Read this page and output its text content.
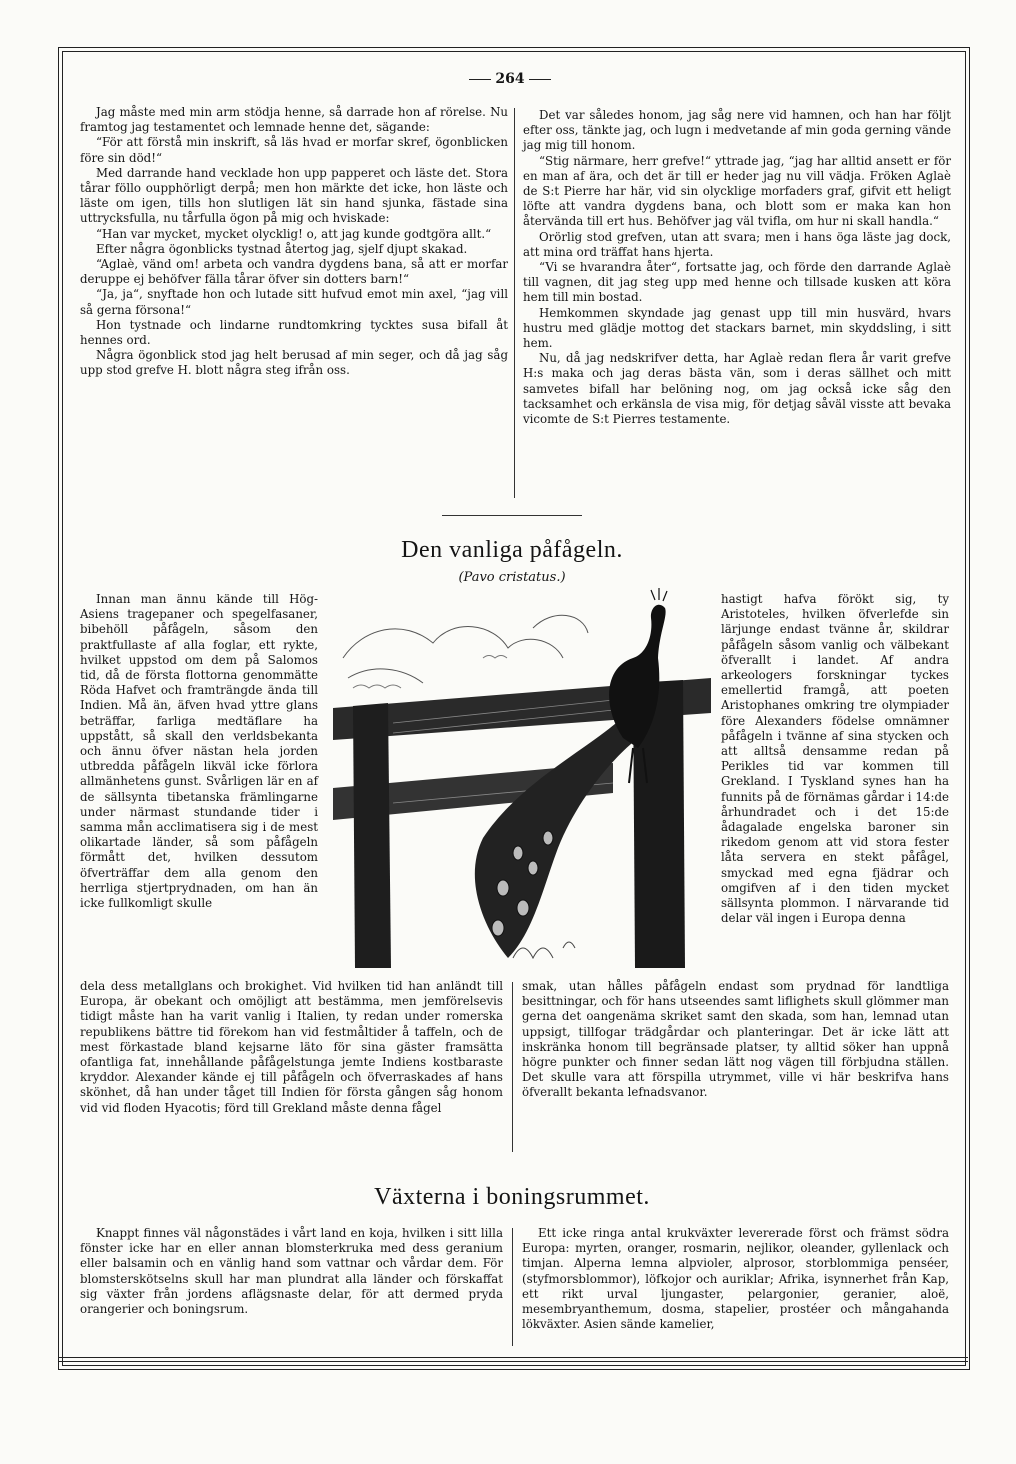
264

Jag måste med min arm stödja henne, så darrade hon af rörelse. Nu framtog jag testamentet och lemnade henne det, sägande:

“För att förstå min inskrift, så läs hvad er morfar skref, ögonblicken före sin död!“

Med darrande hand vecklade hon upp papperet och läste det. Stora tårar föllo oupphörligt derpå; men hon märkte det icke, hon läste och läste om igen, tills hon slutligen lät sin hand sjunka, fästade sina uttrycksfulla, nu tårfulla ögon på mig och hviskade:

“Han var mycket, mycket olycklig! o, att jag kunde godtgöra allt.“

Efter några ögonblicks tystnad återtog jag, sjelf djupt skakad.

“Aglaè, vänd om! arbeta och vandra dygdens bana, så att er morfar deruppe ej behöfver fälla tårar öfver sin dotters barn!“

“Ja, ja“, snyftade hon och lutade sitt hufvud emot min axel, “jag vill så gerna försona!“

Hon tystnade och lindarne rundtomkring tycktes susa bifall åt hennes ord.

Några ögonblick stod jag helt berusad af min seger, och då jag såg upp stod grefve H. blott några steg ifrån oss.

Det var således honom, jag såg nere vid hamnen, och han har följt efter oss, tänkte jag, och lugn i medvetande af min goda gerning vände jag mig till honom.

“Stig närmare, herr grefve!“ yttrade jag, “jag har alltid ansett er för en man af ära, och det är till er heder jag nu vill vädja. Fröken Aglaè de S:t Pierre har här, vid sin olycklige morfaders graf, gifvit ett heligt löfte att vandra dygdens bana, och blott som er maka kan hon återvända till ert hus. Behöfver jag väl tvifla, om hur ni skall handla.“

Orörlig stod grefven, utan att svara; men i hans öga läste jag dock, att mina ord träffat hans hjerta.

“Vi se hvarandra åter“, fortsatte jag, och förde den darrande Aglaè till vagnen, dit jag steg upp med henne och tillsade kusken att köra hem till min bostad.

Hemkommen skyndade jag genast upp till min husvärd, hvars hustru med glädje mottog det stackars barnet, min skyddsling, i sitt hem.

Nu, då jag nedskrifver detta, har Aglaè redan flera år varit grefve H:s maka och jag deras bästa vän, som i deras sällhet och mitt samvetes bifall har belöning nog, om jag också icke såg den tacksamhet och erkänsla de visa mig, för detjag såväl visste att bevaka vicomte de S:t Pierres testamente.

Den vanliga påfågeln.
(Pavo cristatus.)

Innan man ännu kände till Hög-Asiens tragepaner och spegelfasaner, bibehöll påfågeln, såsom den praktfullaste af alla foglar, ett rykte, hvilket uppstod om dem på Salomos tid, då de första flottorna genommätte Röda Hafvet och framträngde ända till Indien. Må än, äfven hvad yttre glans beträffar, farliga medtäflare ha uppstått, så skall den verldsbekanta och ännu öfver nästan hela jorden utbredda påfågeln likväl icke förlora allmänhetens gunst. Svårligen lär en af de sällsynta tibetanska främlingarne under närmast stundande tider i samma mån acclimatisera sig i de mest olikartade länder, så som påfågeln förmått det, hvilken dessutom öfverträffar dem alla genom den herrliga stjertprydnaden, om han än icke fullkomligt skulle

hastigt hafva förökt sig, ty Aristoteles, hvilken öfverlefde sin lärjunge endast tvänne år, skildrar påfågeln såsom vanlig och välbekant öfverallt i landet. Af andra arkeologers forskningar tyckes emellertid framgå, att poeten Aristophanes omkring tre olympiader före Alexanders födelse omnämner påfågeln i tvänne af sina stycken och att alltså densamme redan på Perikles tid var kommen till Grekland. I Tyskland synes han ha funnits på de förnämas gårdar i 14:de århundradet och i det 15:de ådagalade engelska baroner sin rikedom genom att vid stora fester låta servera en stekt påfågel, smyckad med egna fjädrar och omgifven af i den tiden mycket sällsynta plommon. I närvarande tid delar väl ingen i Europa denna

dela dess metallglans och brokighet. Vid hvilken tid han anländt till Europa, är obekant och omöjligt att bestämma, men jemförelsevis tidigt måste han ha varit vanlig i Italien, ty redan under romerska republikens bättre tid förekom han vid festmåltider å taffeln, och de mest förkastade bland kejsarne läto för sina gäster framsätta ofantliga fat, innehållande påfågelstunga jemte Indiens kostbaraste kryddor. Alexander kände ej till påfågeln och öfverraskades af hans skönhet, då han under tåget till Indien för första gången såg honom vid vid floden Hyacotis; förd till Grekland måste denna fågel

smak, utan hålles påfågeln endast som prydnad för landtliga besittningar, och för hans utseendes samt liflighets skull glömmer man gerna det oangenäma skriket samt den skada, som han, lemnad utan uppsigt, tillfogar trädgårdar och planteringar. Det är icke lätt att inskränka honom till begränsade platser, ty alltid söker han uppnå högre punkter och finner sedan lätt nog vägen till förbjudna ställen. Det skulle vara att förspilla utrymmet, ville vi här beskrifva hans öfverallt bekanta lefnadsvanor.

Växterna i boningsrummet.

Knappt finnes väl någonstädes i vårt land en koja, hvilken i sitt lilla fönster icke har en eller annan blomsterkruka med dess geranium eller balsamin och en vänlig hand som vattnar och vårdar dem. För blomsterskötselns skull har man plundrat alla länder och förskaffat sig växter från jordens aflägsnaste delar, för att dermed pryda orangerier och boningsrum.

Ett icke ringa antal krukväxter levererade först och främst södra Europa: myrten, oranger, rosmarin, nejlikor, oleander, gyllenlack och timjan. Alperna lemna alpvioler, alprosor, storblommiga penséer, (styfmorsblommor), löfkojor och auriklar; Afrika, isynnerhet från Kap, ett rikt urval ljungaster, pelargonier, geranier, aloë, mesembryanthemum, dosma, stapelier, prostéer och mångahanda lökväxter. Asien sände kamelier,
